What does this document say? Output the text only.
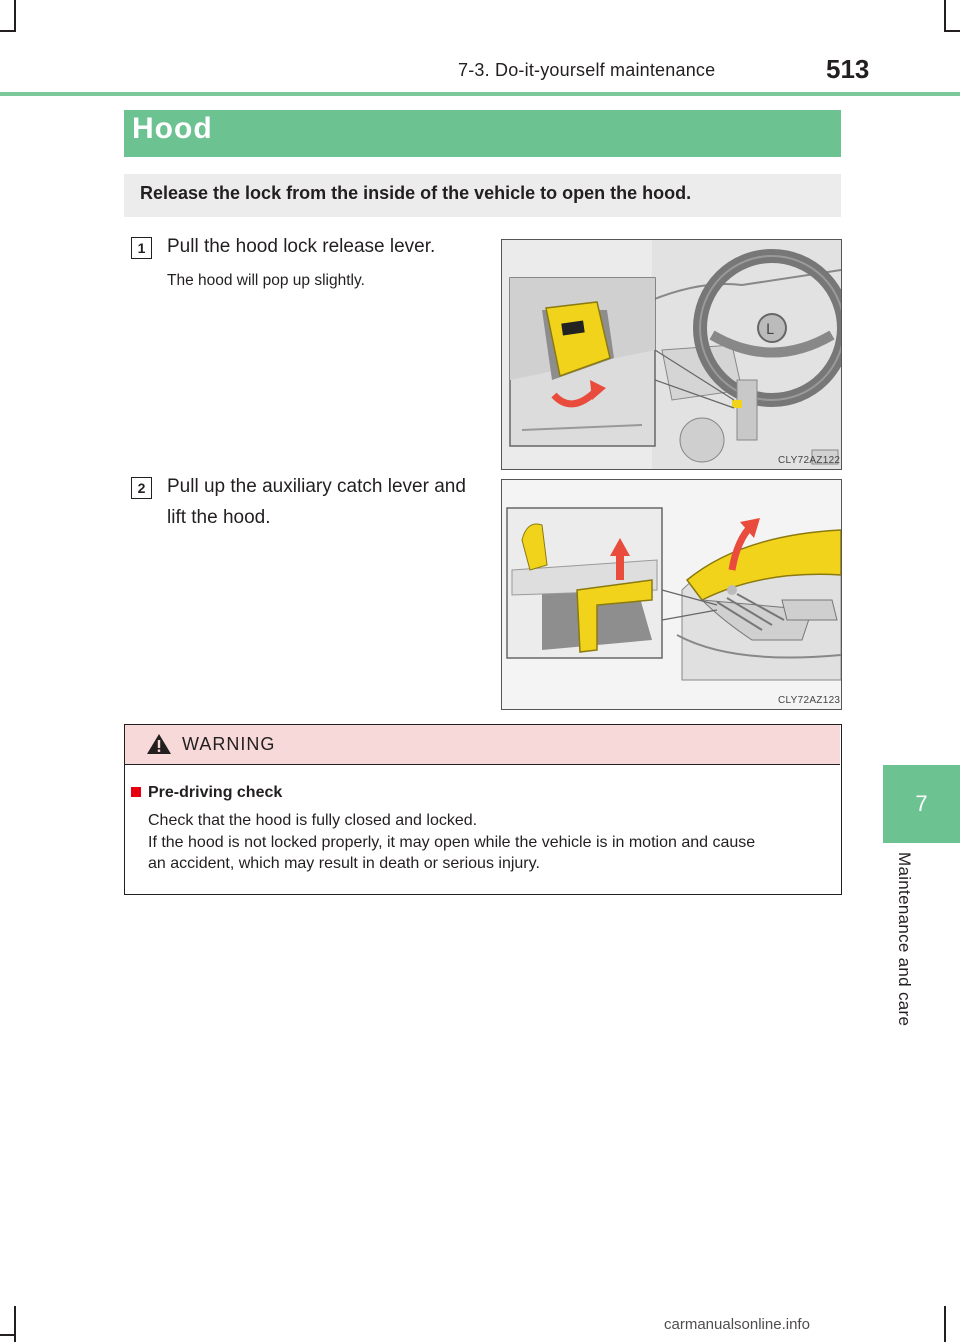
7-3. Do-it-yourself maintenance	513
7
Maintenance and care
Hood
Release the lock from the inside of the vehicle to open the hood.
1	Pull the hood lock release lever.
The hood will pop up slightly.
L
CLY72AZ122
2	Pull up the auxiliary catch lever and
lift the hood.
CLY72AZ123
WARNING
Pre-driving check
Check that the hood is fully closed and locked.
If the hood is not locked properly, it may open while the vehicle is in motion and cause
an accident, which may result in death or serious injury.
carmanualsonline.info
